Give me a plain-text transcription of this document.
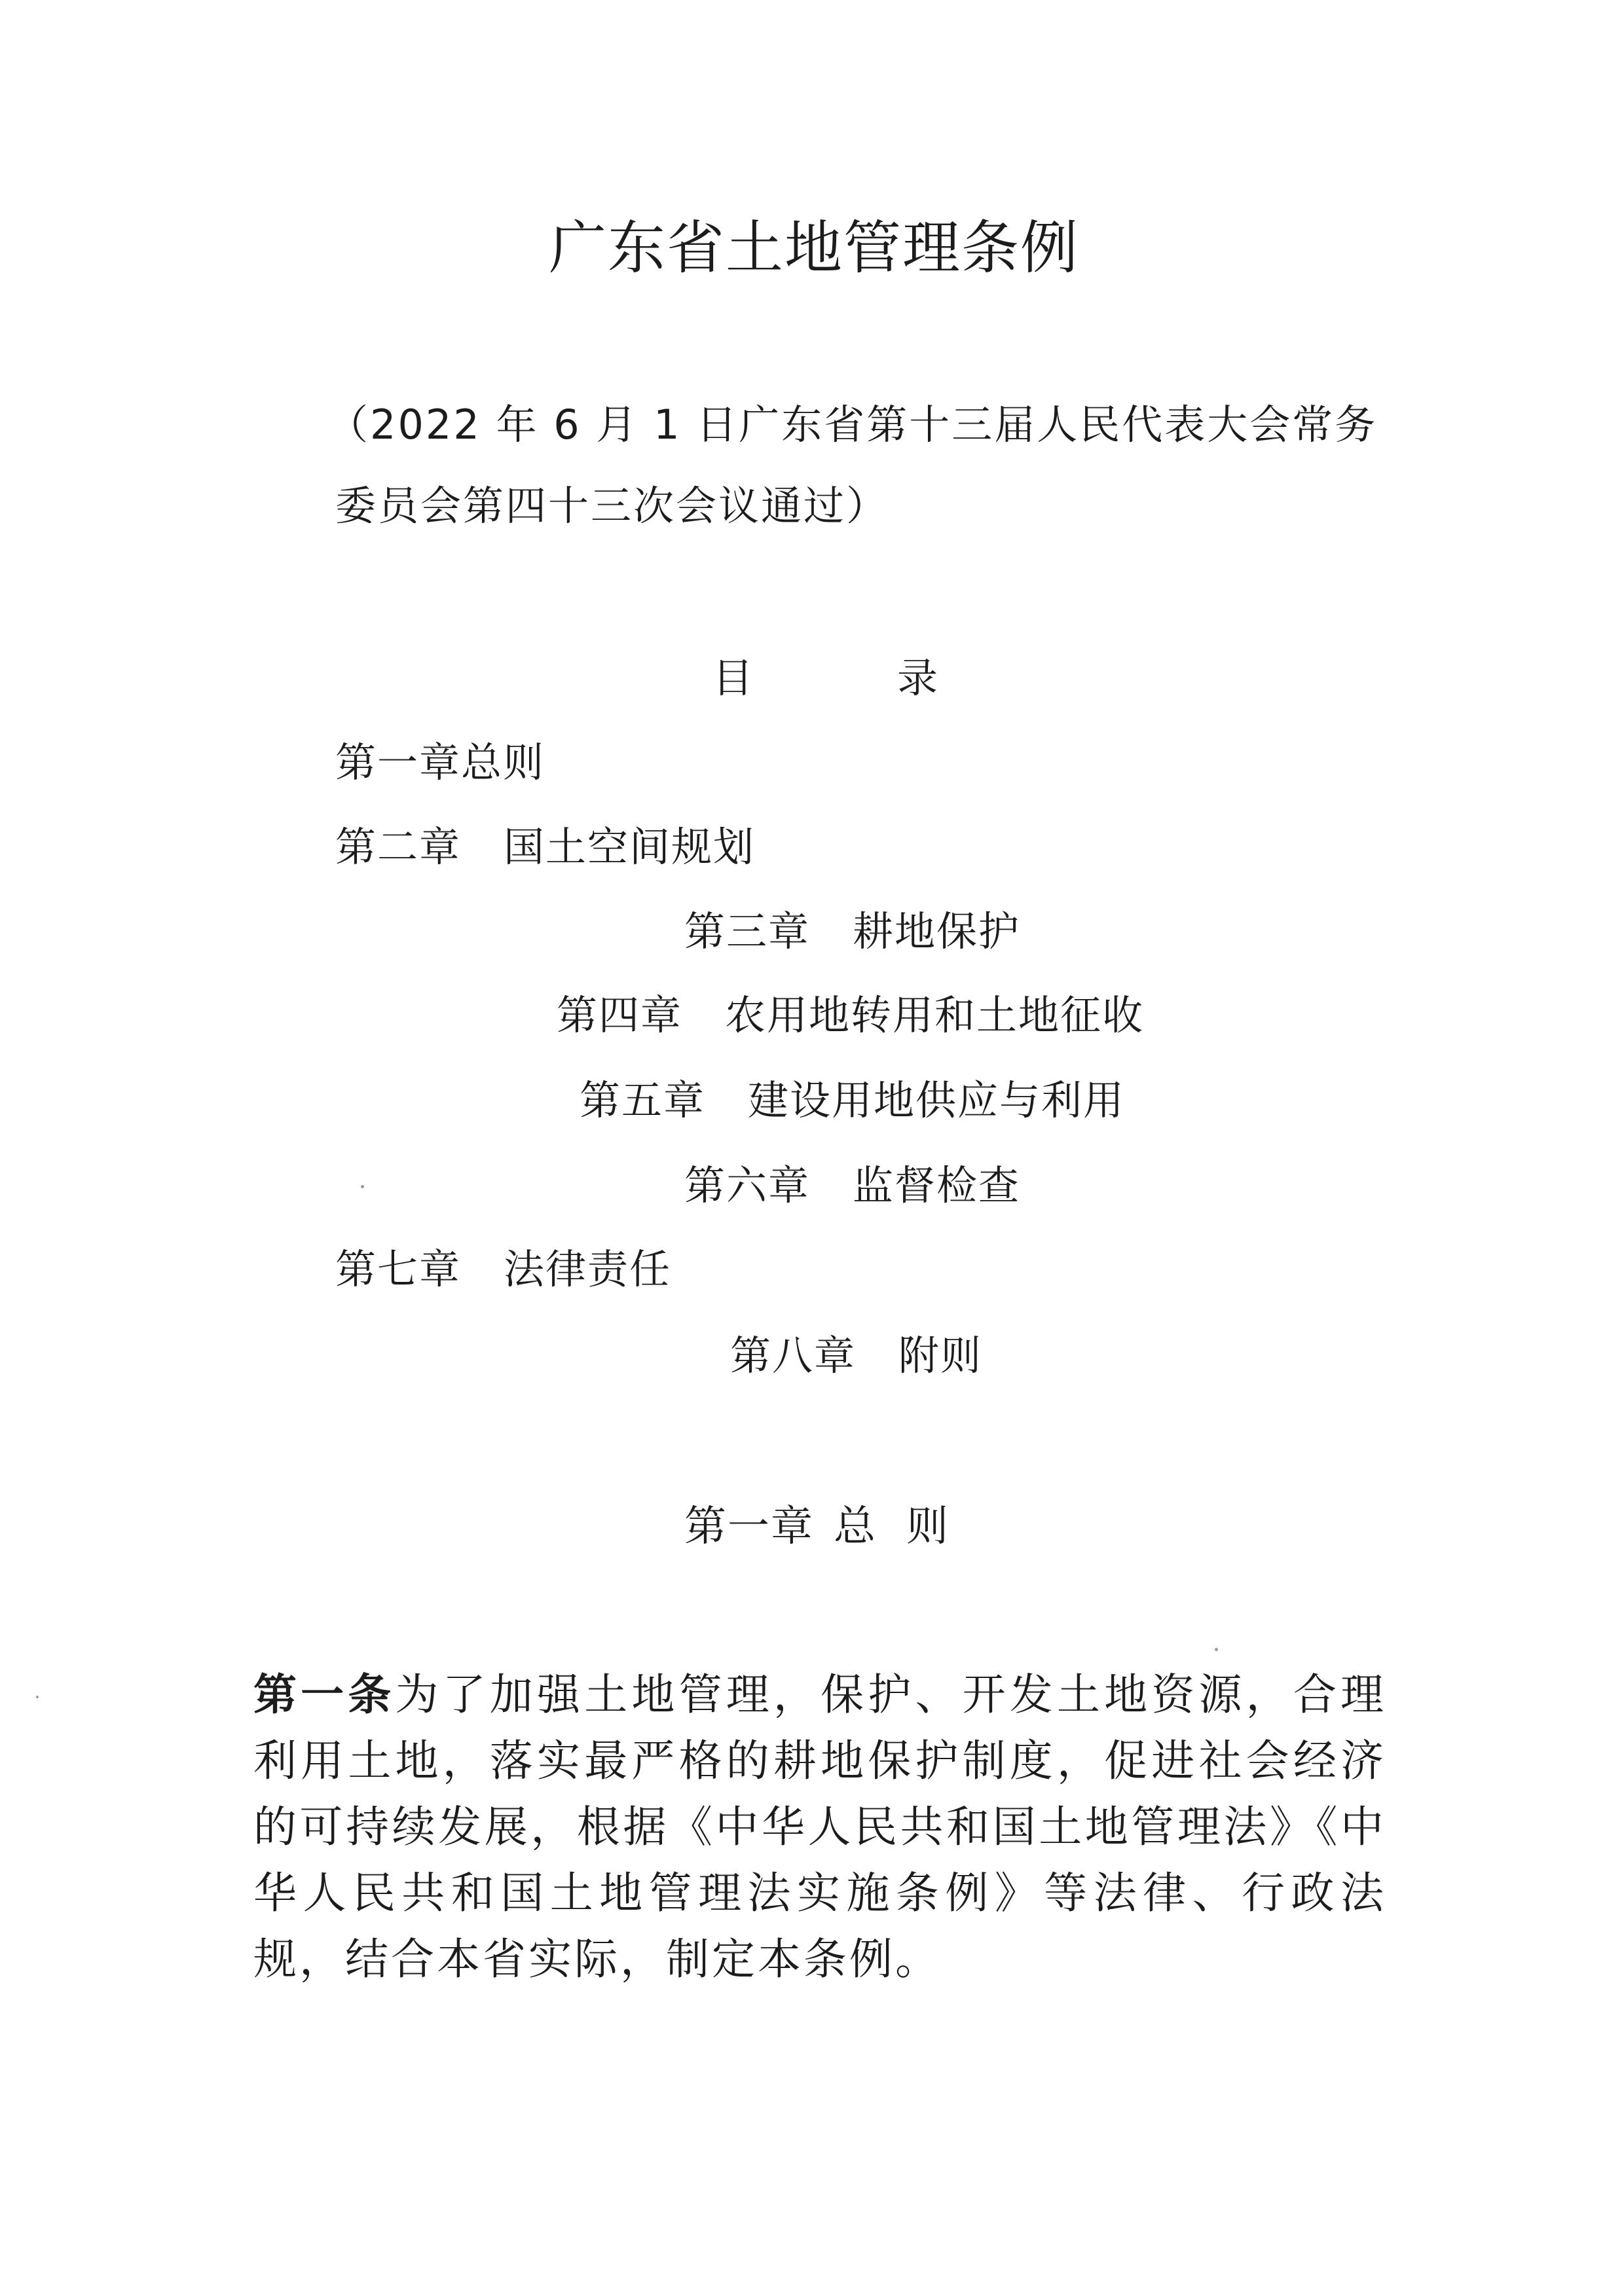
广东省土地管理条例
（2022 年 6 月 1 日广东省第十三届人民代表大会常务
委员会第四十三次会议通过）
目	录
第一章总则
第二章 国土空间规划
第三章 耕地保护
第四章 农用地转用和土地征收
第五章 建设用地供应与利用
第六章 监督检查
第七章 法律责任
第八章 附则
第一章 总 则
第一条为了加强土地管理，保护、开发土地资源，合理利用土地，落实最严格的耕地保护制度，促进社会经济的可持续发展，根据《中华人民共和国土地管理法》《中华人民共和国土地管理法实施条例》等法律、行政法规，结合本省实际，制定本条例。
